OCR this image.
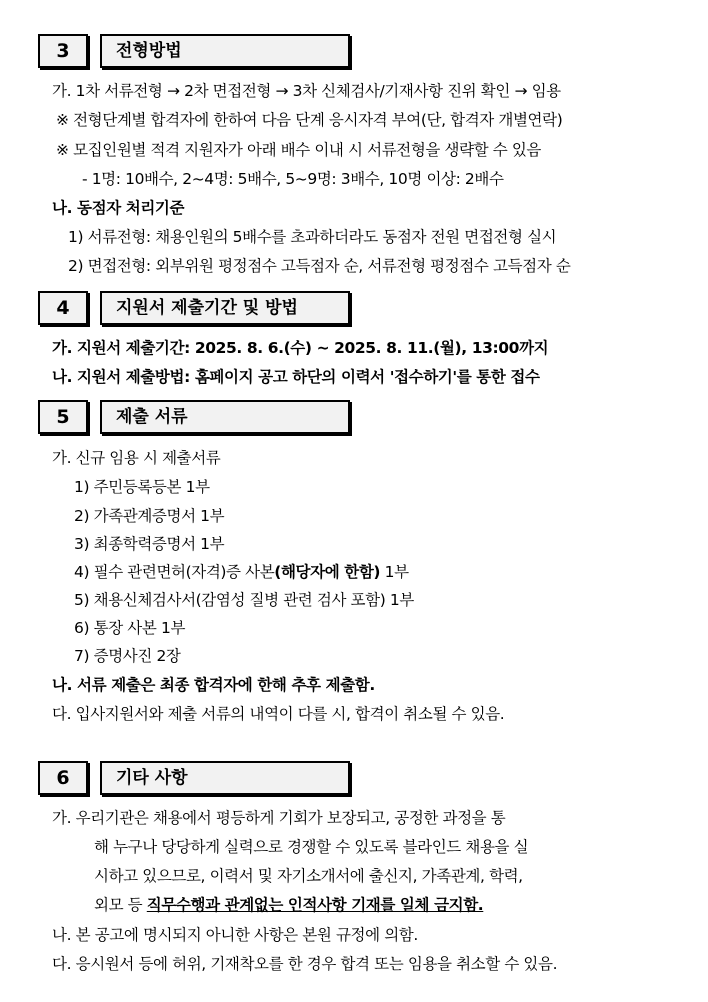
3	전형방법
가. 1차 서류전형 → 2차 면접전형 → 3차 신체검사/기재사항 진위 확인 → 임용
※ 전형단계별 합격자에 한하여 다음 단계 응시자격 부여(단, 합격자 개별연락)
※ 모집인원별 적격 지원자가 아래 배수 이내 시 서류전형을 생략할 수 있음
- 1명: 10배수, 2~4명: 5배수, 5~9명: 3배수, 10명 이상: 2배수
나. 동점자 처리기준
1) 서류전형: 채용인원의 5배수를 초과하더라도 동점자 전원 면접전형 실시
2) 면접전형: 외부위원 평정점수 고득점자 순, 서류전형 평정점수 고득점자 순
4	지원서 제출기간 및 방법
가. 지원서 제출기간: 2025. 8. 6.(수) ~ 2025. 8. 11.(월), 13:00까지
나. 지원서 제출방법: 홈페이지 공고 하단의 이력서 '접수하기'를 통한 접수
5	제출 서류
가. 신규 임용 시 제출서류
1) 주민등록등본 1부
2) 가족관계증명서 1부
3) 최종학력증명서 1부
4) 필수 관련면허(자격)증 사본(해당자에 한함) 1부
5) 채용신체검사서(감염성 질병 관련 검사 포함) 1부
6) 통장 사본 1부
7) 증명사진 2장
나. 서류 제출은 최종 합격자에 한해 추후 제출함.
다. 입사지원서와 제출 서류의 내역이 다를 시, 합격이 취소될 수 있음.
6	기타 사항
가. 우리기관은 채용에서 평등하게 기회가 보장되고, 공정한 과정을 통
해 누구나 당당하게 실력으로 경쟁할 수 있도록 블라인드 채용을 실
시하고 있으므로, 이력서 및 자기소개서에 출신지, 가족관계, 학력,
외모 등 직무수행과 관계없는 인적사항 기재를 일체 금지함.
나. 본 공고에 명시되지 아니한 사항은 본원 규정에 의함.
다. 응시원서 등에 허위, 기재착오를 한 경우 합격 또는 임용을 취소할 수 있음.
